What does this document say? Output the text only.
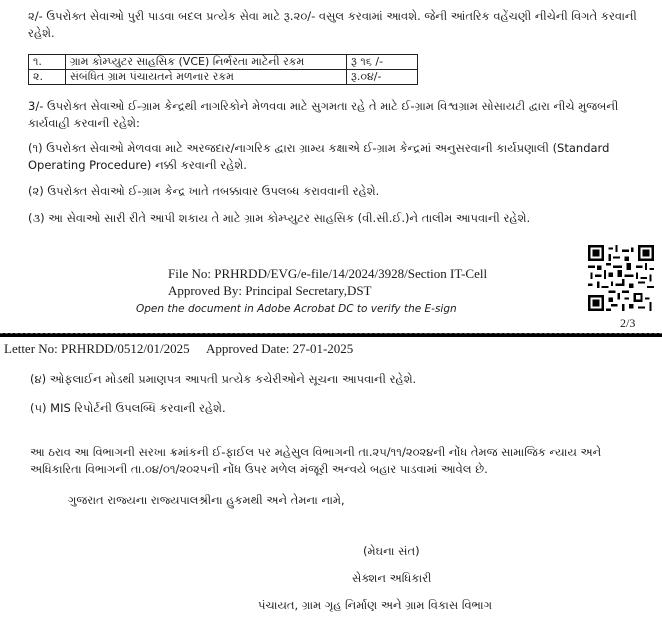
૨/- ઉપરોક્ત સેવાઓ પુરી પાડવા બદલ પ્રત્યેક સેવા માટે રૂ.૨૦/- વસુલ કરવામાં આવશે. જેની આંતરિક વહેંચણી નીચેની વિગતે કરવાની રહેશે.
૧.	ગ્રામ કોમ્પ્યુટર સાહસિક (VCE) નિર્ભરતા માટેની રકમ	રૂ ૧૬ /-
૨.	સંબંધિત ગ્રામ પંચાયતને મળનાર રકમ	રૂ.૦૪/-
3/- ઉપરોક્ત સેવાઓ ઈ-ગ્રામ કેન્દ્રથી નાગરિકોને મેળવવા માટે સુગમતા રહે તે માટે ઈ-ગ્રામ વિશ્વગ્રામ સોસાયટી દ્વારા નીચે મુજબની કાર્યવાહી કરવાની રહેશે:
(૧) ઉપરોક્ત સેવાઓ મેળવવા માટે અરજદાર/નાગરિક દ્વારા ગ્રામ્ય કક્ષાએ ઈ-ગ્રામ કેન્દ્રમાં અનુસરવાની કાર્યપ્રણાલી (Standard Operating Procedure) નક્કી કરવાની રહેશે.
(૨) ઉપરોક્ત સેવાઓ ઈ-ગ્રામ કેન્દ્ર ખાતે તબક્કાવાર ઉપલબ્ધ કરાવવાની રહેશે.
(૩) આ સેવાઓ સારી રીતે આપી શકાય તે માટે ગ્રામ કોમ્પ્યુટર સાહસિક (વી.સી.ઈ.)ને તાલીમ આપવાની રહેશે.
File No: PRHRDD/EVG/e-file/14/2024/3928/Section IT-Cell
Approved By: Principal Secretary,DST
Open the document in Adobe Acrobat DC to verify the E-sign
2/3
Letter No: PRHRDD/0512/01/2025 Approved Date: 27-01-2025
(૪) ઓફલાઈન મોડથી પ્રમાણપત્ર આપતી પ્રત્યેક કચેરીઓને સૂચના આપવાની રહેશે.
(૫) MIS રિપોર્ટની ઉપલબ્ધિ કરવાની રહેશે.
આ ઠરાવ આ વિભાગની સરખા ક્રમાંકની ઈ-ફાઈલ પર મહેસુલ વિભાગની તા.૨૫/૧૧/૨૦૨૪ની નોંધ તેમજ સામાજિક ન્યાય અને અધિકારિતા વિભાગની તા.૦૪/૦૧/૨૦૨૫ની નોંધ ઉપર મળેલ મંજૂરી અન્વયે બહાર પાડવામાં આવેલ છે.
ગુજરાત રાજ્યના રાજ્યપાલશ્રીના હુકમથી અને તેમના નામે,
(મેઘના સંત)
સેક્શન અધિકારી
પંચાયત, ગ્રામ ગૃહ નિર્માણ અને ગ્રામ વિકાસ વિભાગ
